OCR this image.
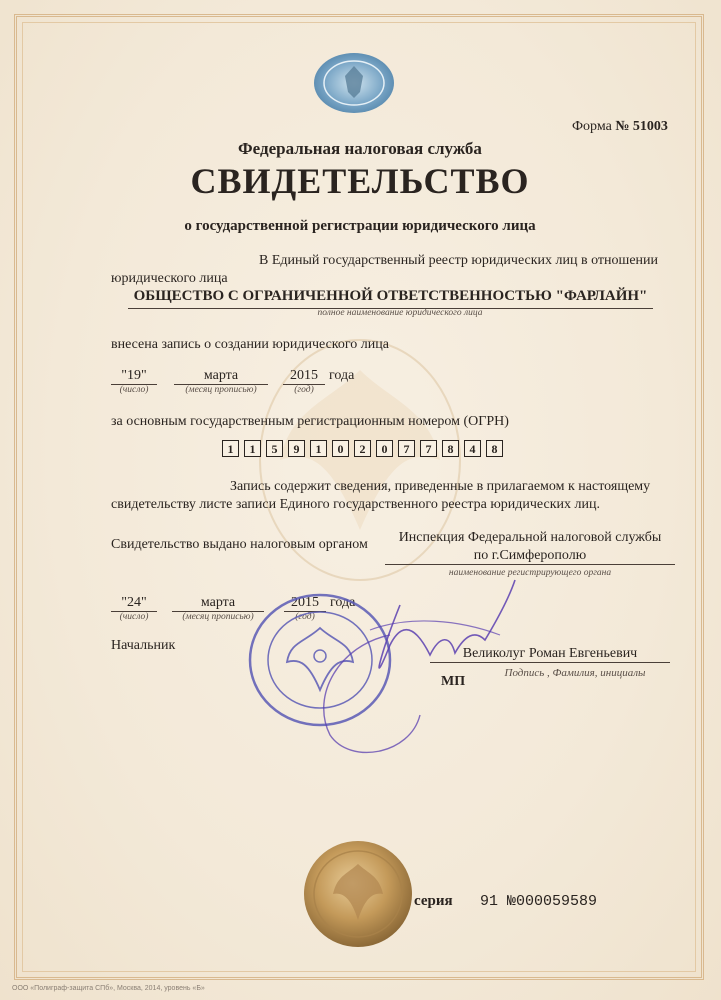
Форма № 51003
Федеральная налоговая служба
СВИДЕТЕЛЬСТВО
о государственной регистрации юридического лица
В Единый государственный реестр юридических лиц в отношении
юридического лица
ОБЩЕСТВО С ОГРАНИЧЕННОЙ ОТВЕТСТВЕННОСТЬЮ "ФАРЛАЙН"
полное наименование юридического лица
внесена запись о создании юридического лица
"19"	марта	2015 года
(число)	(месяц прописью)	(год)
за основным государственным регистрационным номером (ОГРН)
1	1	5	9	1	0	2	0	7	7	8	4	8
Запись содержит сведения, приведенные в прилагаемом к настоящему
свидетельству листе записи Единого государственного реестра юридических лиц.
Свидетельство выдано налоговым органом	Инспекция Федеральной налоговой службы
по г.Симферополю
наименование регистрирующего органа
"24"	марта	2015 года
(число)	(месяц прописью)	(год)
Начальник
Великолуг Роман Евгеньевич
Подпись , Фамилия, инициалы
МП
серия 91 №000059589
ООО «Полиграф-защита СПб», Москва, 2014, уровень «Б»
